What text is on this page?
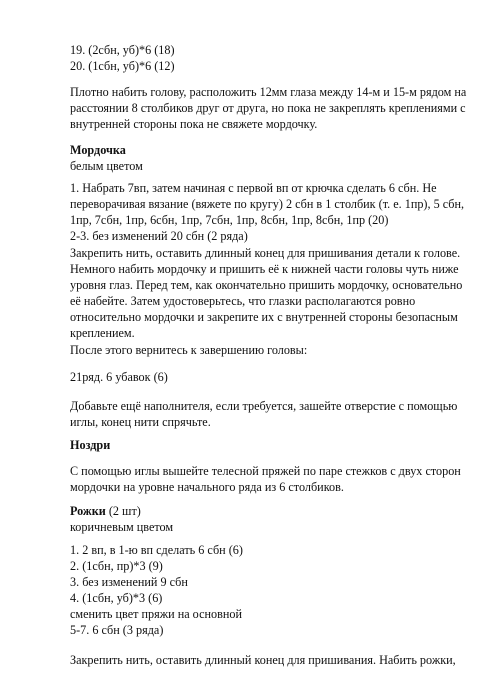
19. (2сбн, уб)*6 (18)
20. (1сбн, уб)*6 (12)

Плотно набить голову, расположить 12мм глаза между 14-м и 15-м рядом на расстоянии 8 столбиков друг от друга, но пока не закреплять креплениями с внутренней стороны пока не свяжете мордочку.

Мордочка
белым цветом
1. Набрать 7вп, затем начиная с первой вп от крючка сделать 6 сбн. Не переворачивая вязание (вяжете по кругу) 2 сбн в 1 столбик (т. е. 1пр), 5 сбн, 1пр, 7сбн, 1пр, 6сбн, 1пр, 7сбн, 1пр, 8сбн, 1пр, 8сбн, 1пр (20)
2-3. без изменений 20 сбн (2 ряда)

Закрепить нить, оставить длинный конец для пришивания детали к голове. Немного набить мордочку и пришить её к нижней части головы чуть ниже уровня глаз. Перед тем, как окончательно пришить мордочку, основательно её набейте. Затем удостоверьтесь, что глазки располагаются ровно относительно мордочки и закрепите их с внутренней стороны безопасным креплением.

После этого вернитесь к завершению головы:

21ряд. 6 убавок (6)

Добавьте ещё наполнителя, если требуется, зашейте отверстие с помощью иглы, конец нити спрячьте.

Ноздри

С помощью иглы вышейте телесной пряжей по паре стежков с двух сторон мордочки на уровне начального ряда из 6 столбиков.

Рожки (2 шт)
коричневым цветом
1. 2 вп, в 1-ю вп сделать 6 сбн (6)
2. (1сбн, пр)*3 (9)
3. без изменений 9 сбн
4. (1сбн, уб)*3 (6)
сменить цвет пряжи на основной
5-7. 6 сбн (3 ряда)

Закрепить нить, оставить длинный конец для пришивания. Набить рожки,
